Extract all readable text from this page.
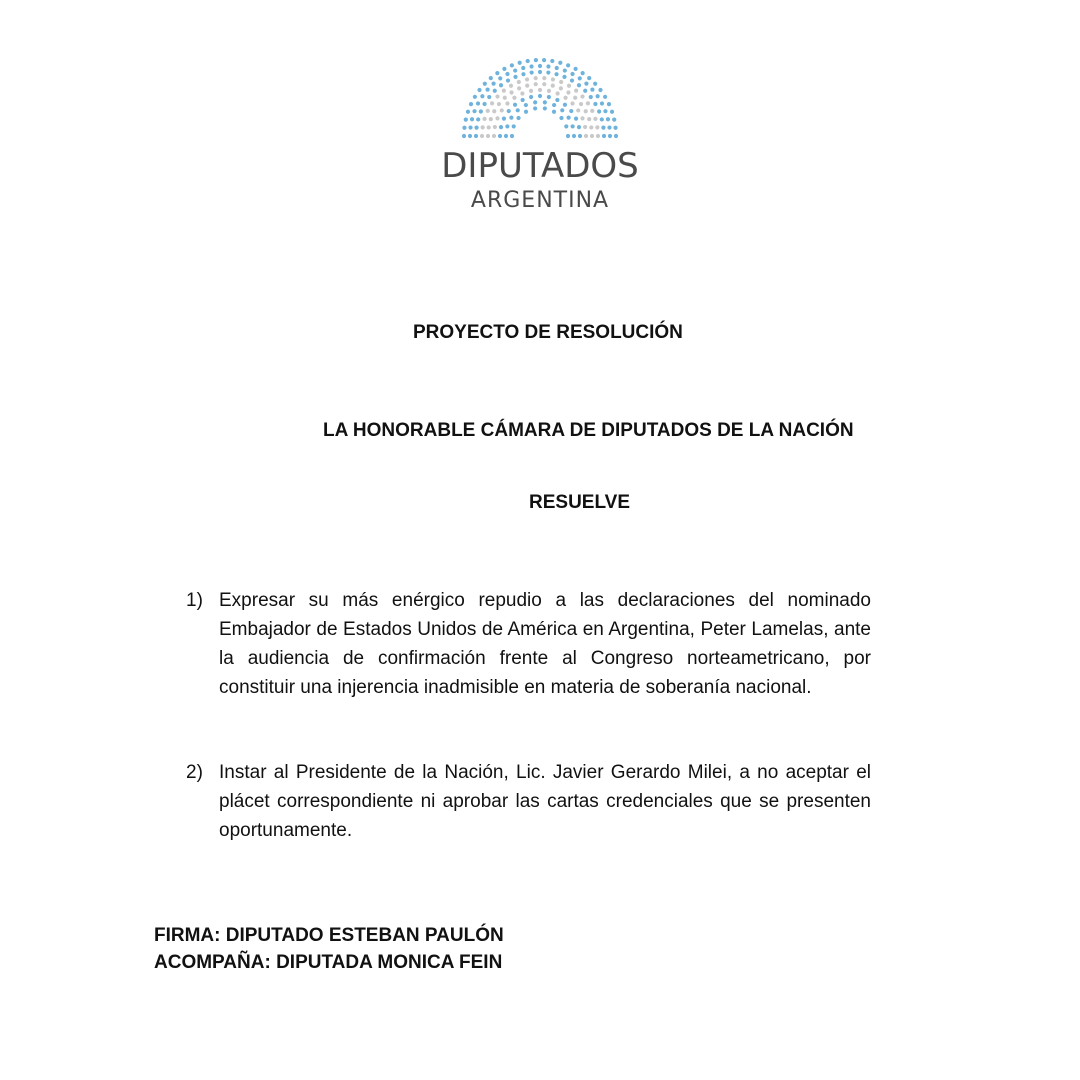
DIPUTADOS

ARGENTINA

PROYECTO DE RESOLUCIÓN

LA HONORABLE CÁMARA DE DIPUTADOS DE LA NACIÓN

RESUELVE

1) Expresar su más enérgico repudio a las declaraciones del nominado Embajador de Estados Unidos de América en Argentina, Peter Lamelas, ante la audiencia de confirmación frente al Congreso norteametricano, por constituir una injerencia inadmisible en materia de soberanía nacional.
2) Instar al Presidente de la Nación, Lic. Javier Gerardo Milei, a no aceptar el plácet correspondiente ni aprobar las cartas credenciales que se presenten oportunamente.

FIRMA: DIPUTADO ESTEBAN PAULÓN

ACOMPAÑA: DIPUTADA MONICA FEIN
